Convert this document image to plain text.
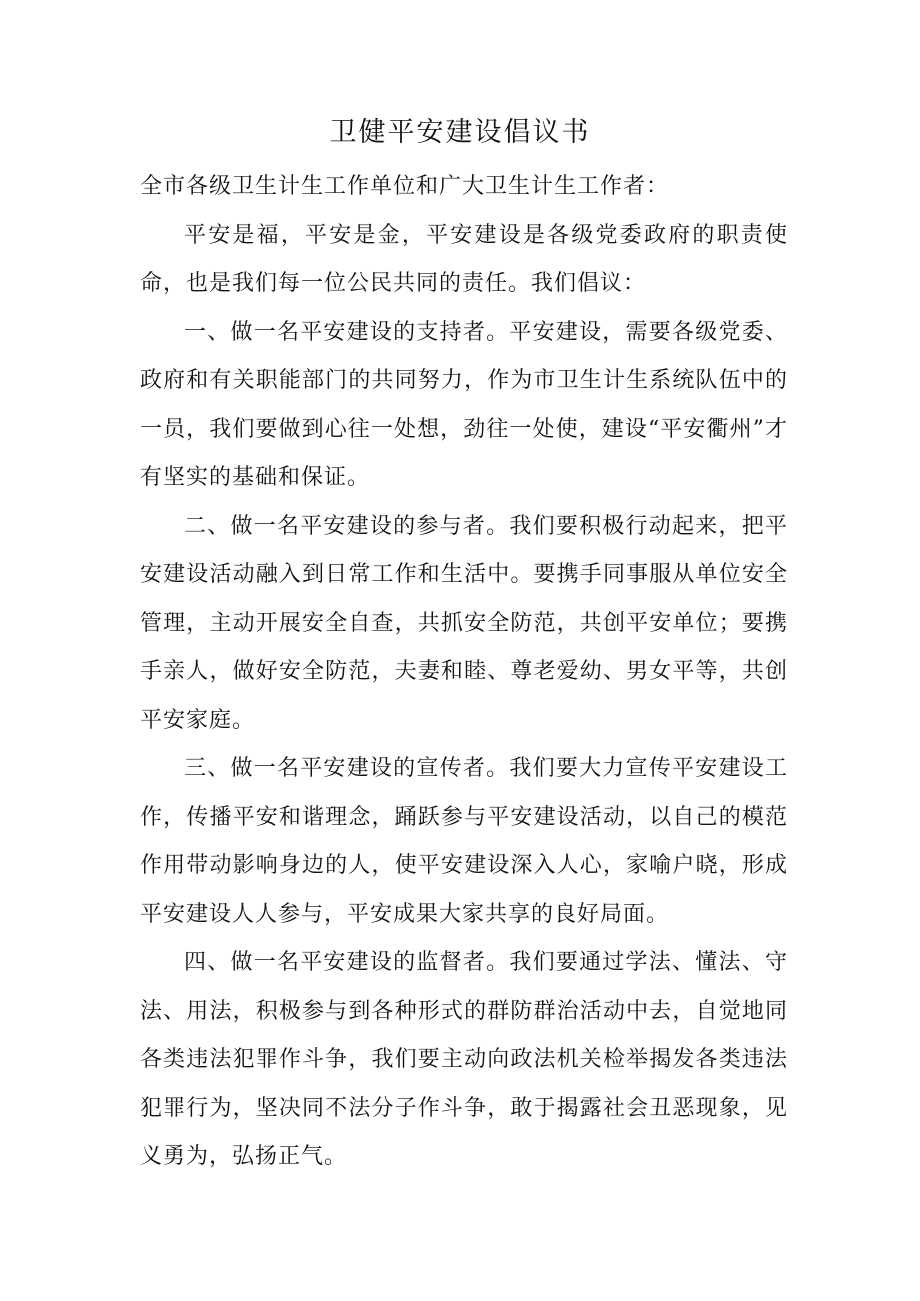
卫健平安建设倡议书

全市各级卫生计生工作单位和广大卫生计生工作者：

平安是福，平安是金，平安建设是各级党委政府的职责使命，也是我们每一位公民共同的责任。我们倡议：

一、做一名平安建设的支持者。平安建设，需要各级党委、政府和有关职能部门的共同努力，作为市卫生计生系统队伍中的一员，我们要做到心往一处想，劲往一处使，建设“平安衢州”才有坚实的基础和保证。

二、做一名平安建设的参与者。我们要积极行动起来，把平安建设活动融入到日常工作和生活中。要携手同事服从单位安全管理，主动开展安全自查，共抓安全防范，共创平安单位；要携手亲人，做好安全防范，夫妻和睦、尊老爱幼、男女平等，共创平安家庭。

三、做一名平安建设的宣传者。我们要大力宣传平安建设工作，传播平安和谐理念，踊跃参与平安建设活动，以自己的模范作用带动影响身边的人，使平安建设深入人心，家喻户晓，形成平安建设人人参与，平安成果大家共享的良好局面。

四、做一名平安建设的监督者。我们要通过学法、懂法、守法、用法，积极参与到各种形式的群防群治活动中去，自觉地同各类违法犯罪作斗争，我们要主动向政法机关检举揭发各类违法犯罪行为，坚决同不法分子作斗争，敢于揭露社会丑恶现象，见义勇为，弘扬正气。
